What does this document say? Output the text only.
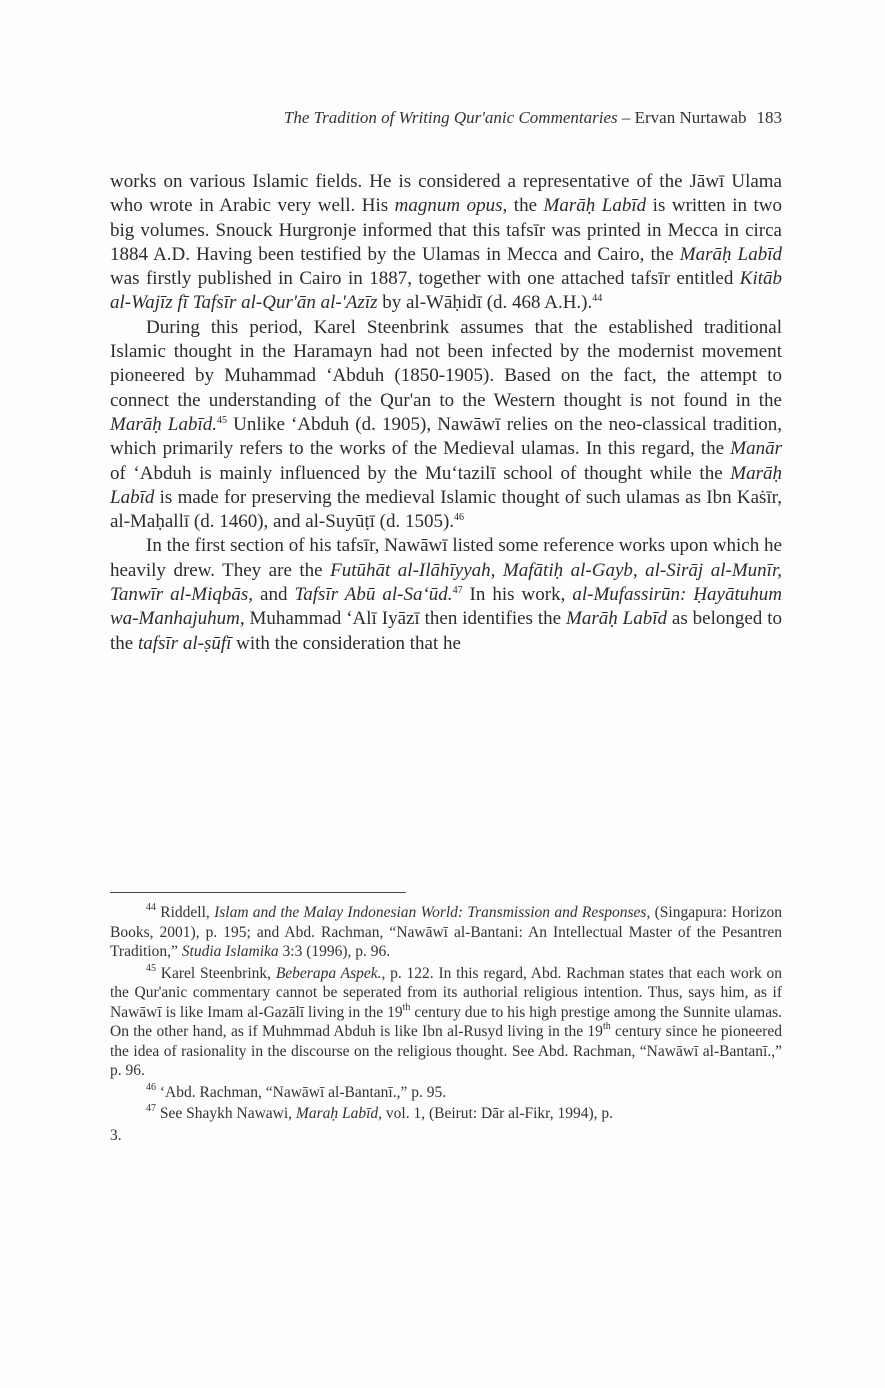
The Tradition of Writing Qur'anic Commentaries – Ervan Nurtawab 183

works on various Islamic fields. He is considered a representative of the Jāwī Ulama who wrote in Arabic very well. His magnum opus, the Marāḥ Labīd is written in two big volumes. Snouck Hurgronje informed that this tafsīr was printed in Mecca in circa 1884 A.D. Having been testified by the Ulamas in Mecca and Cairo, the Marāḥ Labīd was firstly published in Cairo in 1887, together with one attached tafsīr entitled Kitāb al-Wajīz fī Tafsīr al-Qur'ān al-'Azīz by al-Wāḥidī (d. 468 A.H.).$^{44}$

During this period, Karel Steenbrink assumes that the established traditional Islamic thought in the Haramayn had not been infected by the modernist movement pioneered by Muhammad ‘Abduh (1850-1905). Based on the fact, the attempt to connect the understanding of the Qur'an to the Western thought is not found in the Marāḥ Labīd.$^{45}$ Unlike ‘Abduh (d. 1905), Nawāwī relies on the neo-classical tradition, which primarily refers to the works of the Medieval ulamas. In this regard, the Manār of ‘Abduh is mainly influenced by the Mu‘tazilī school of thought while the Marāḥ Labīd is made for preserving the medieval Islamic thought of such ulamas as Ibn Kaṡīr, al-Maḥallī (d. 1460), and al-Suyūṭī (d. 1505).$^{46}$

In the first section of his tafsīr, Nawāwī listed some reference works upon which he heavily drew. They are the Futūhāt al-Ilāhīyyah, Mafātiḥ al-Gayb, al-Sirāj al-Munīr, Tanwīr al-Miqbās, and Tafsīr Abū al-Sa‘ūd.$^{47}$ In his work, al-Mufassirūn: Ḥayātuhum wa-Manhajuhum, Muhammad ‘Alī Iyāzī then identifies the Marāḥ Labīd as belonged to the tafsīr al-ṣūfī with the consideration that he

$^{44}$ Riddell, Islam and the Malay Indonesian World: Transmission and Responses, (Singapura: Horizon Books, 2001), p. 195; and Abd. Rachman, “Nawāwī al-Bantani: An Intellectual Master of the Pesantren Tradition,” Studia Islamika 3:3 (1996), p. 96.

$^{45}$ Karel Steenbrink, Beberapa Aspek., p. 122. In this regard, Abd. Rachman states that each work on the Qur'anic commentary cannot be seperated from its authorial religious intention. Thus, says him, as if Nawāwī is like Imam al-Gazālī living in the 19th century due to his high prestige among the Sunnite ulamas. On the other hand, as if Muhmmad Abduh is like Ibn al-Rusyd living in the 19th century since he pioneered the idea of rasionality in the discourse on the religious thought. See Abd. Rachman, “Nawāwī al-Bantanī.,” p. 96.

$^{46}$ ‘Abd. Rachman, “Nawāwī al-Bantanī.,” p. 95.

$^{47}$ See Shaykh Nawawi, Maraḥ Labīd, vol. 1, (Beirut: Dār al-Fikr, 1994), p.

3.
